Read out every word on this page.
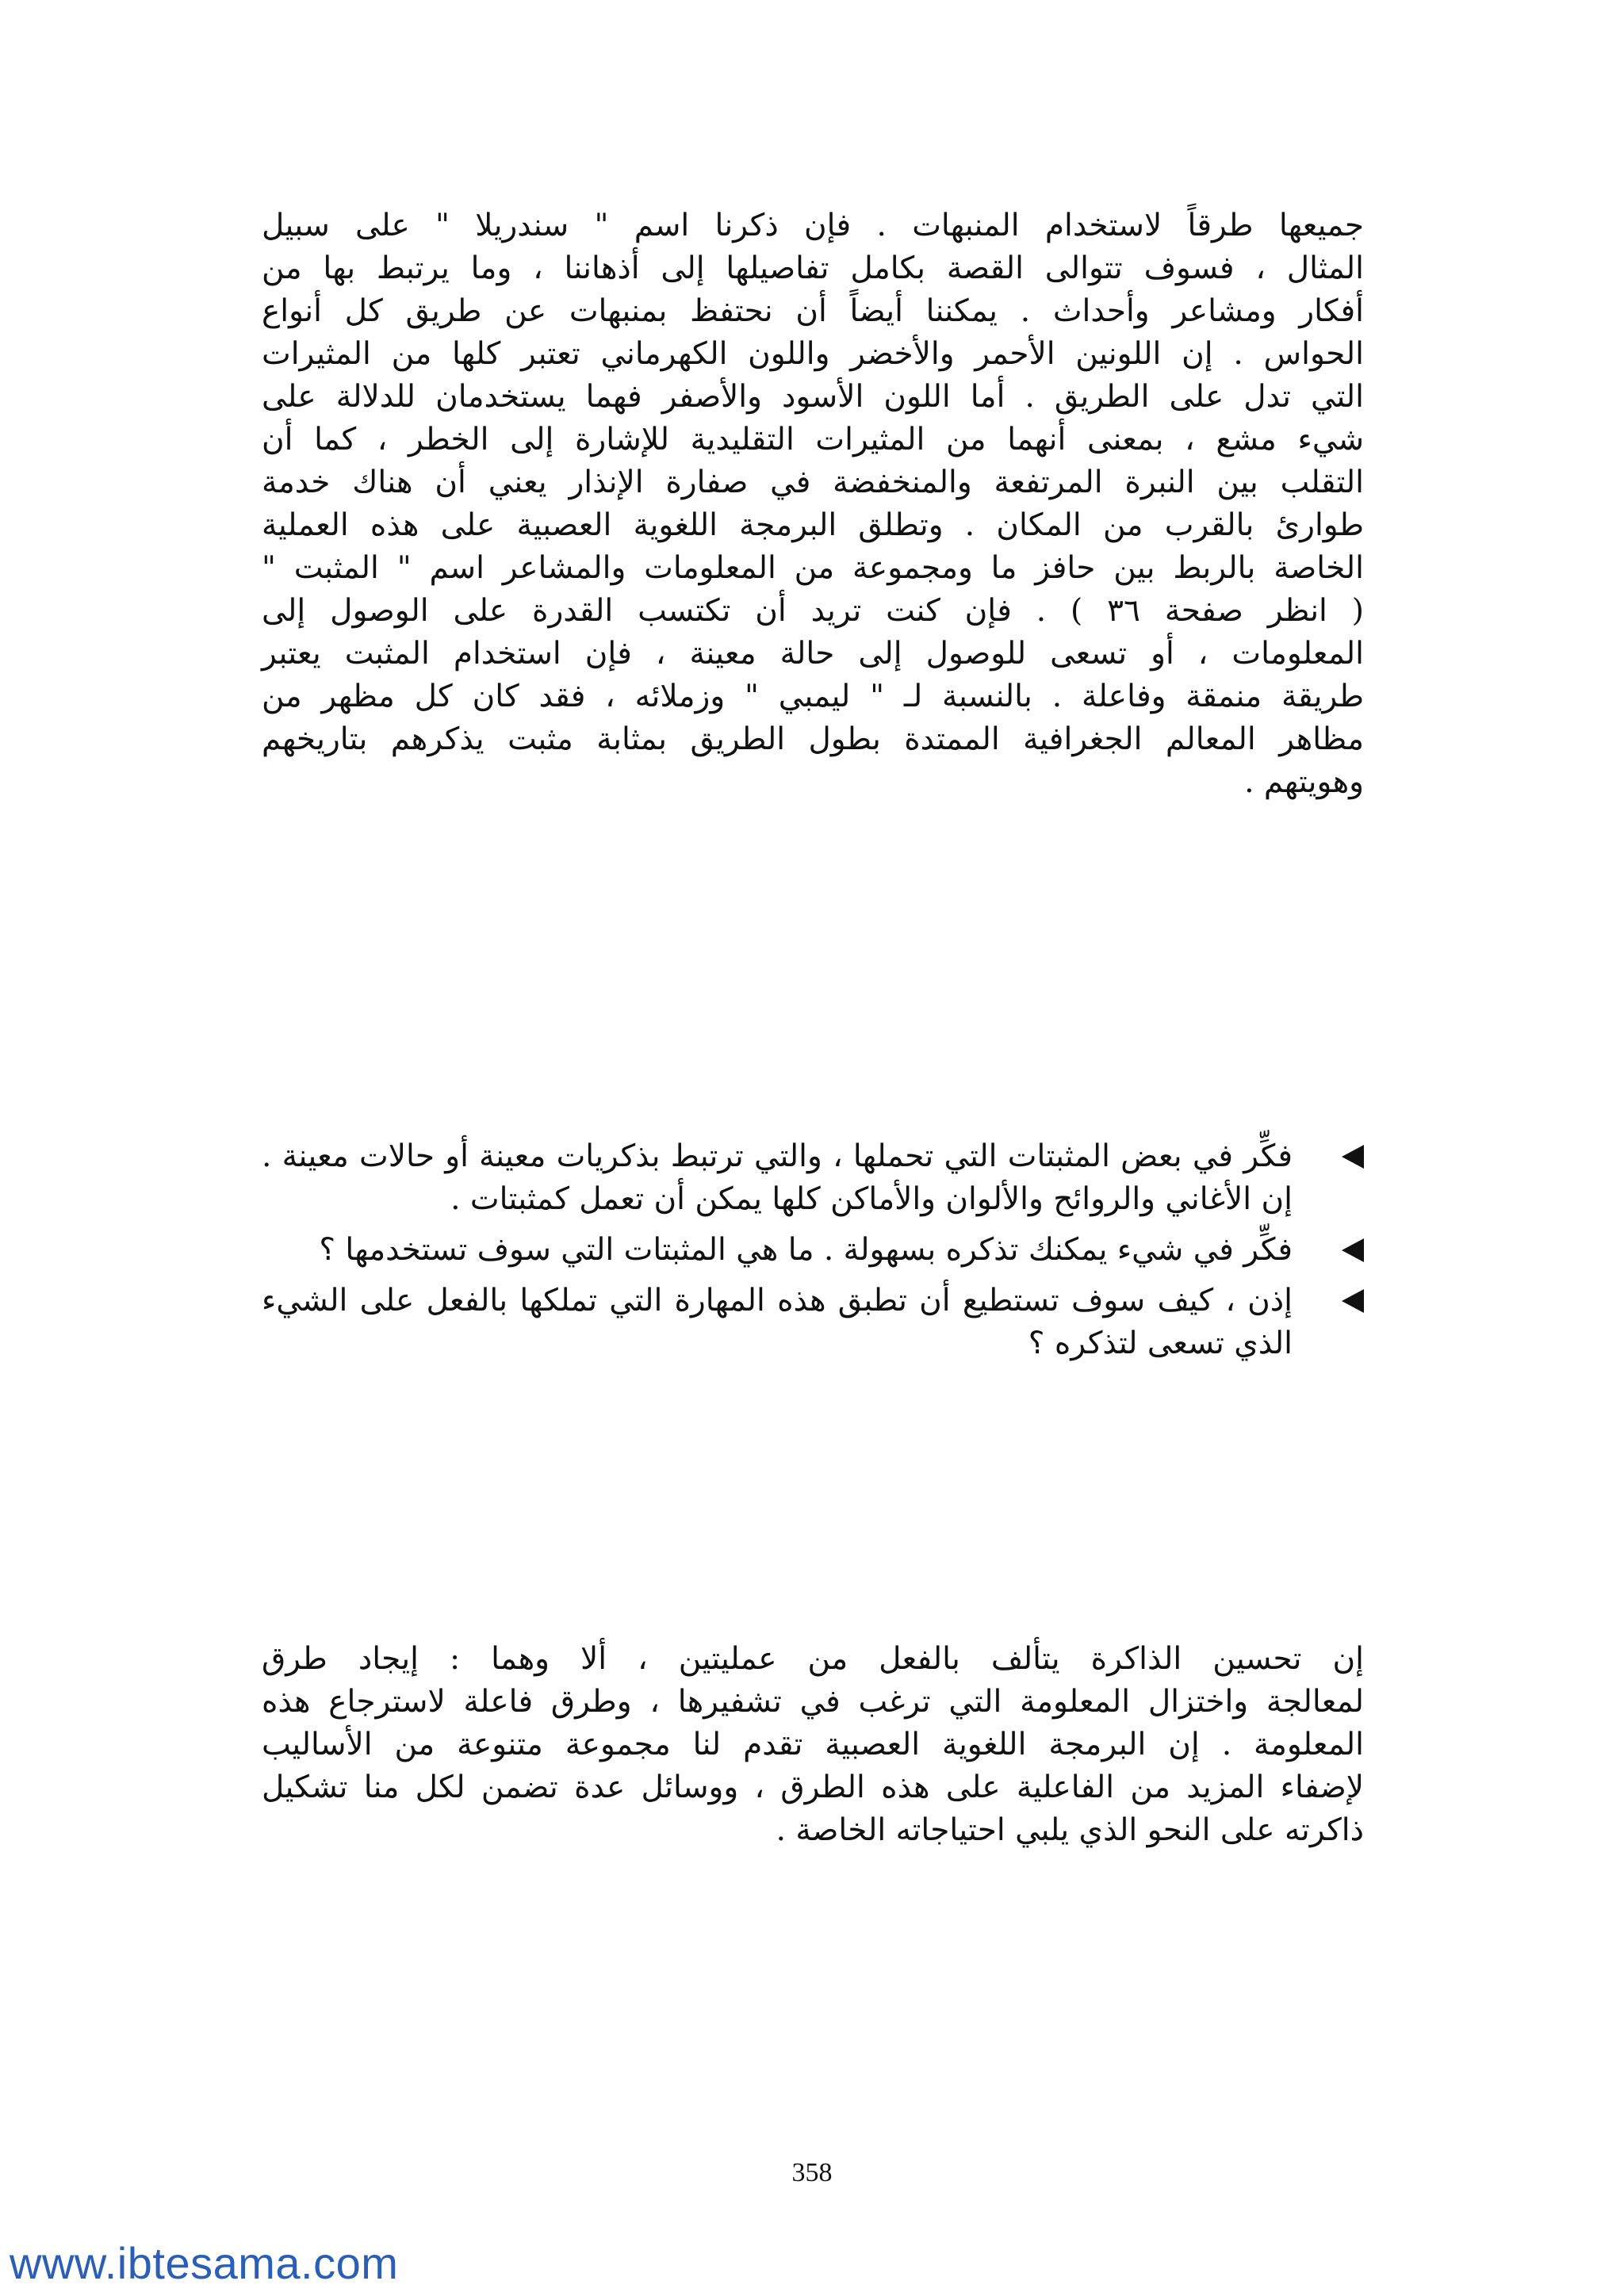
جميعها طرقاً لاستخدام المنبهات . فإن ذكرنا اسم " سندريلا " على سبيل
المثال ، فسوف تتوالى القصة بكامل تفاصيلها إلى أذهاننا ، وما يرتبط بها من
أفكار ومشاعر وأحداث . يمكننا أيضاً أن نحتفظ بمنبهات عن طريق كل أنواع
الحواس . إن اللونين الأحمر والأخضر واللون الكهرماني تعتبر كلها من المثيرات
التي تدل على الطريق . أما اللون الأسود والأصفر فهما يستخدمان للدلالة على
شيء مشع ، بمعنى أنهما من المثيرات التقليدية للإشارة إلى الخطر ، كما أن
التقلب بين النبرة المرتفعة والمنخفضة في صفارة الإنذار يعني أن هناك خدمة
طوارئ بالقرب من المكان . وتطلق البرمجة اللغوية العصبية على هذه العملية
الخاصة بالربط بين حافز ما ومجموعة من المعلومات والمشاعر اسم " المثبت "
( انظر صفحة ٣٦ ) . فإن كنت تريد أن تكتسب القدرة على الوصول إلى
المعلومات ، أو تسعى للوصول إلى حالة معينة ، فإن استخدام المثبت يعتبر
طريقة منمقة وفاعلة . بالنسبة لـ " ليمبي " وزملائه ، فقد كان كل مظهر من
مظاهر المعالم الجغرافية الممتدة بطول الطريق بمثابة مثبت يذكرهم بتاريخهم
وهويتهم .
فكِّر في بعض المثبتات التي تحملها ، والتي ترتبط بذكريات معينة أو حالات معينة . إن الأغاني والروائح والألوان والأماكن كلها يمكن أن تعمل كمثبتات .
فكِّر في شيء يمكنك تذكره بسهولة . ما هي المثبتات التي سوف تستخدمها ؟
إذن ، كيف سوف تستطيع أن تطبق هذه المهارة التي تملكها بالفعل على الشيء الذي تسعى لتذكره ؟
إن تحسين الذاكرة يتألف بالفعل من عمليتين ، ألا وهما : إيجاد طرق
لمعالجة واختزال المعلومة التي ترغب في تشفيرها ، وطرق فاعلة لاسترجاع هذه
المعلومة . إن البرمجة اللغوية العصبية تقدم لنا مجموعة متنوعة من الأساليب
لإضفاء المزيد من الفاعلية على هذه الطرق ، ووسائل عدة تضمن لكل منا تشكيل
ذاكرته على النحو الذي يلبي احتياجاته الخاصة .
358
www.ibtesama.com
